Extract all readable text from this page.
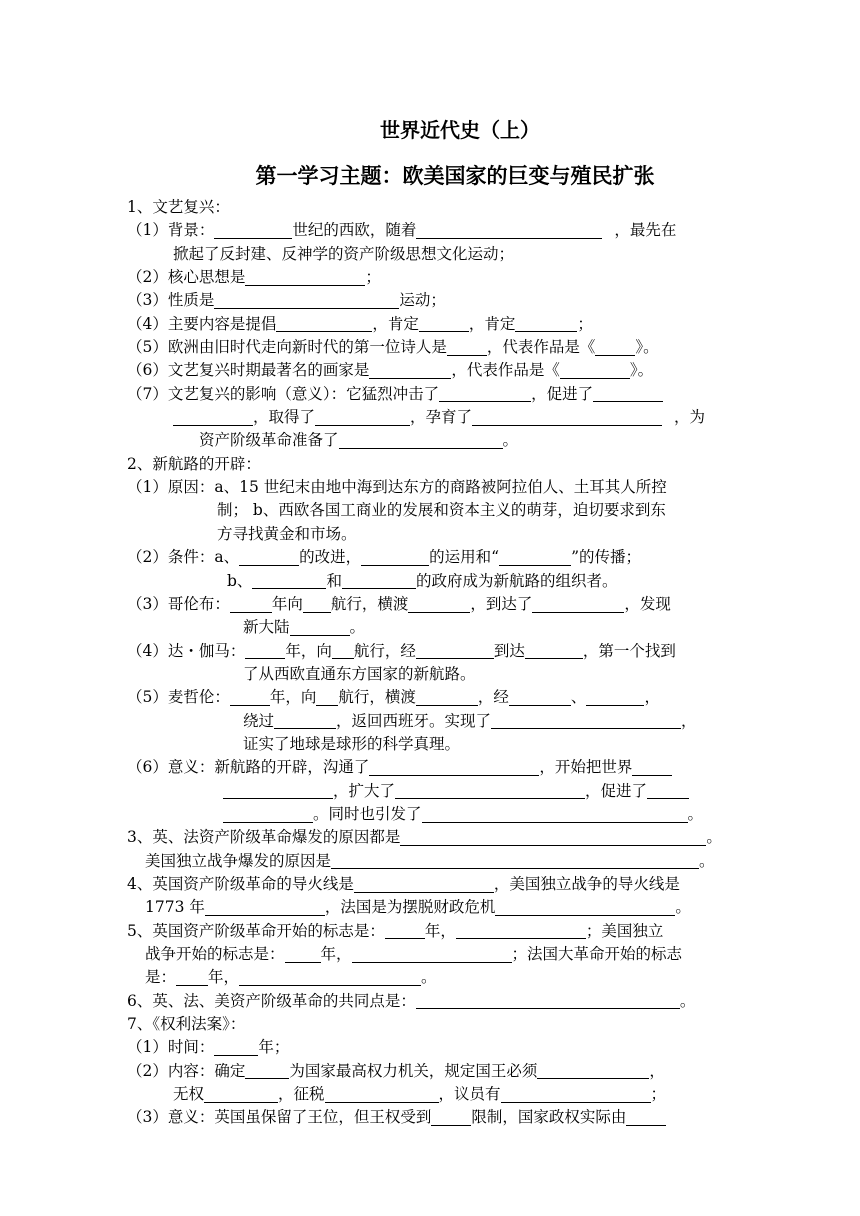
世界近代史（上）
第一学习主题：欧美国家的巨变与殖民扩张
1、文艺复兴：
（1）背景：	世纪的西欧，随着	，最先在
掀起了反封建、反神学的资产阶级思想文化运动；
（2）核心思想是	；
（3）性质是	运动；
（4）主要内容是提倡	，肯定	，肯定	；
（5）欧洲由旧时代走向新时代的第一位诗人是	，代表作品是《	》。
（6）文艺复兴时期最著名的画家是	，代表作品是《	》。
（7）文艺复兴的影响（意义）：它猛烈冲击了	，促进了
，取得了	，孕育了	，为
资产阶级革命准备了	。
2、新航路的开辟：
（1）原因：a、15 世纪末由地中海到达东方的商路被阿拉伯人、土耳其人所控
制； b、西欧各国工商业的发展和资本主义的萌芽，迫切要求到东
方寻找黄金和市场。
（2）条件：a、	的改进，	的运用和“	”的传播；
b、	和	的政府成为新航路的组织者。
（3）哥伦布：	年向 航行，横渡	，到达了	，发现
新大陆	。
（4）达・伽马：	年，向 航行，经	到达	，第一个找到
了从西欧直通东方国家的新航路。
（5）麦哲伦：	年，向 航行，横渡	，经	、	，
绕过	，返回西班牙。实现了	，
证实了地球是球形的科学真理。
（6）意义：新航路的开辟，沟通了	，开始把世界
，扩大了	，促进了
。同时也引发了	。
3、英、法资产阶级革命爆发的原因都是	。
美国独立战争爆发的原因是	。
4、英国资产阶级革命的导火线是	，美国独立战争的导火线是
1773 年	，法国是为摆脱财政危机	。
5、英国资产阶级革命开始的标志是：	年，	；美国独立
战争开始的标志是： 年，	；法国大革命开始的标志
是： 年，	。
6、英、法、美资产阶级革命的共同点是：	。
7、《权利法案》：
（1）时间：	年；
（2）内容：确定	为国家最高权力机关，规定国王必须	，
无权	，征税	，议员有	；
（3）意义：英国虽保留了王位，但王权受到	限制，国家政权实际由
